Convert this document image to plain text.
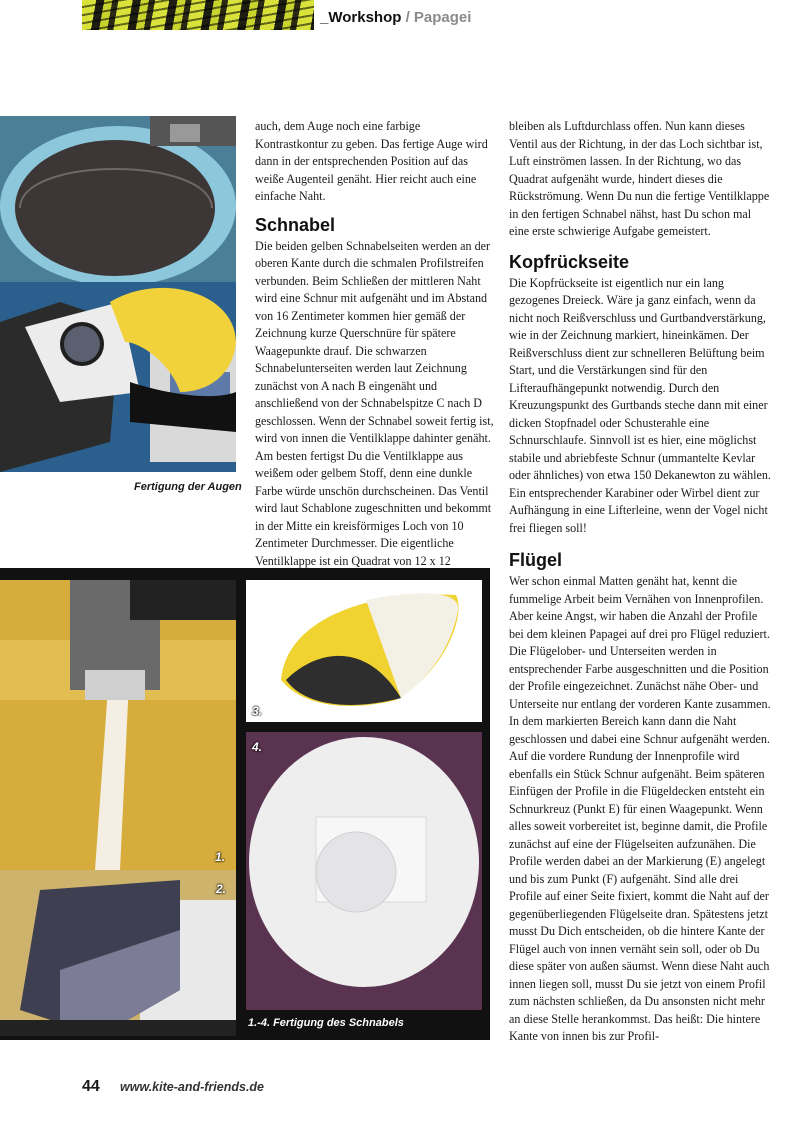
_Workshop / Papagei
Fertigung der Augen

auch, dem Auge noch eine farbige Kontrastkontur zu geben. Das fertige Auge wird dann in der entsprechenden Position auf das weiße Augenteil genäht. Hier reicht auch eine einfache Naht.

Schnabel

Die beiden gelben Schnabelseiten werden an der oberen Kante durch die schmalen Profilstreifen verbunden. Beim Schließen der mittleren Naht wird eine Schnur mit aufgenäht und im Abstand von 16 Zentimeter kommen hier gemäß der Zeichnung kurze Querschnüre für spätere Waagepunkte drauf. Die schwarzen Schnabelunterseiten werden laut Zeichnung zunächst von A nach B eingenäht und anschließend von der Schnabelspitze C nach D geschlossen. Wenn der Schnabel soweit fertig ist, wird von innen die Ventilklappe dahinter genäht. Am besten fertigst Du die Ventilklappe aus weißem oder gelbem Stoff, denn eine dunkle Farbe würde unschön durchscheinen. Das Ventil wird laut Schablone zugeschnitten und bekommt in der Mitte ein kreisförmiges Loch von 10 Zentimeter Durchmesser. Die eigentliche Ventilklappe ist ein Quadrat von 12 x 12

bleiben als Luftdurchlass offen. Nun kann dieses Ventil aus der Richtung, in der das Loch sichtbar ist, Luft einströmen lassen. In der Richtung, wo das Quadrat aufgenäht wurde, hindert dieses die Rückströmung. Wenn Du nun die fertige Ventilklappe in den fertigen Schnabel nähst, hast Du schon mal eine erste schwierige Aufgabe gemeistert.

Kopfrückseite

Die Kopfrückseite ist eigentlich nur ein lang gezogenes Dreieck. Wäre ja ganz einfach, wenn da nicht noch Reißverschluss und Gurtbandverstärkung, wie in der Zeichnung markiert, hineinkämen. Der Reißverschluss dient zur schnelleren Belüftung beim Start, und die Verstärkungen sind für den Lifteraufhängepunkt notwendig. Durch den Kreuzungspunkt des Gurtbands steche dann mit einer dicken Stopfnadel oder Schusterahle eine Schnurschlaufe. Sinnvoll ist es hier, eine möglichst stabile und abriebfeste Schnur (ummantelte Kevlar oder ähnliches) von etwa 150 Dekanewton zu wählen. Ein entsprechender Karabiner oder Wirbel dient zur Aufhängung in eine Lifterleine, wenn der Vogel nicht frei fliegen soll!

Flügel

Wer schon einmal Matten genäht hat, kennt die fummelige Arbeit beim Vernähen von Innenprofilen. Aber keine Angst, wir haben die Anzahl der Profile bei dem kleinen Papagei auf drei pro Flügel reduziert. Die Flügelober- und Unterseiten werden in entsprechender Farbe ausgeschnitten und die Position der Profile eingezeichnet. Zunächst nähe Ober- und Unterseite nur entlang der vorderen Kante zusammen. In dem markierten Bereich kann dann die Naht geschlossen und dabei eine Schnur aufgenäht werden. Auf die vordere Rundung der Innenprofile wird ebenfalls ein Stück Schnur aufgenäht. Beim späteren Einfügen der Profile in die Flügeldecken entsteht ein Schnurkreuz (Punkt E) für einen Waagepunkt. Wenn alles soweit vorbereitet ist, beginne damit, die Profile zunächst auf eine der Flügelseiten aufzunähen. Die Profile werden dabei an der Markierung (E) angelegt und bis zum Punkt (F) aufgenäht. Sind alle drei Profile auf einer Seite fixiert, kommt die Naht auf der gegenüberliegenden Flügelseite dran. Spätestens jetzt musst Du Dich entscheiden, ob die hintere Kante der Flügel auch von innen vernäht sein soll, oder ob Du diese später von außen säumst. Wenn diese Naht auch innen liegen soll, musst Du sie jetzt von einem Profil zum nächsten schließen, da Du ansonsten nicht mehr an diese Stelle herankommst. Das heißt: Die hintere Kante von innen bis zur Profil-

1.
2.
3.
4.
1.-4. Fertigung des Schnabels
44 www.kite-and-friends.de
